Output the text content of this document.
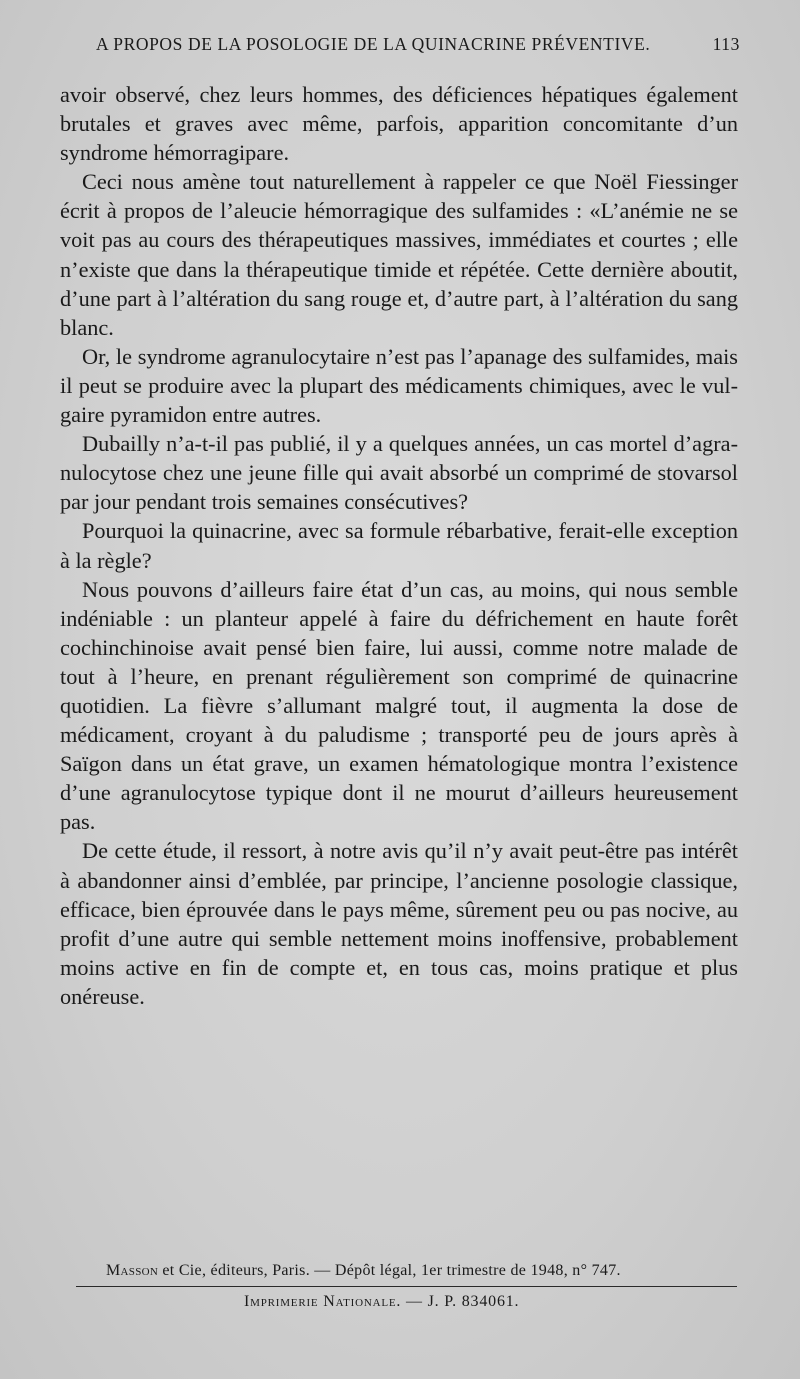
A PROPOS DE LA POSOLOGIE DE LA QUINACRINE PRÉVENTIVE.	113

avoir observé, chez leurs hommes, des déficiences hépatiques également brutales et graves avec même, parfois, apparition concomitante d’un syndrome hémorragipare.

Ceci nous amène tout naturellement à rappeler ce que Noël Fiessinger écrit à propos de l’aleucie hémorragique des sulfamides : «L’anémie ne se voit pas au cours des thérapeutiques massives, immédiates et courtes ; elle n’existe que dans la thérapeutique timide et répétée. Cette dernière aboutit, d’une part à l’altération du sang rouge et, d’autre part, à l’altération du sang blanc.

Or, le syndrome agranulocytaire n’est pas l’apanage des sulfamides, mais il peut se produire avec la plupart des médicaments chimiques, avec le vulgaire pyramidon entre autres.

Dubailly n’a-t-il pas publié, il y a quelques années, un cas mortel d’agranulocytose chez une jeune fille qui avait absorbé un comprimé de stovarsol par jour pendant trois semaines consécutives?

Pourquoi la quinacrine, avec sa formule rébarbative, ferait-elle exception à la règle?

Nous pouvons d’ailleurs faire état d’un cas, au moins, qui nous semble indéniable : un planteur appelé à faire du défrichement en haute forêt cochinchinoise avait pensé bien faire, lui aussi, comme notre malade de tout à l’heure, en prenant régulièrement son comprimé de quinacrine quotidien. La fièvre s’allumant malgré tout, il augmenta la dose de médicament, croyant à du paludisme ; transporté peu de jours après à Saïgon dans un état grave, un examen hématologique montra l’existence d’une agranulocytose typique dont il ne mourut d’ailleurs heureusement pas.

De cette étude, il ressort, à notre avis qu’il n’y avait peut-être pas intérêt à abandonner ainsi d’emblée, par principe, l’ancienne posologie classique, efficace, bien éprouvée dans le pays même, sûrement peu ou pas nocive, au profit d’une autre qui semble nettement moins inoffensive, probablement moins active en fin de compte et, en tous cas, moins pratique et plus onéreuse.

Masson et Cie, éditeurs, Paris. — Dépôt légal, 1er trimestre de 1948, n° 747.
Imprimerie Nationale. — J. P. 834061.
